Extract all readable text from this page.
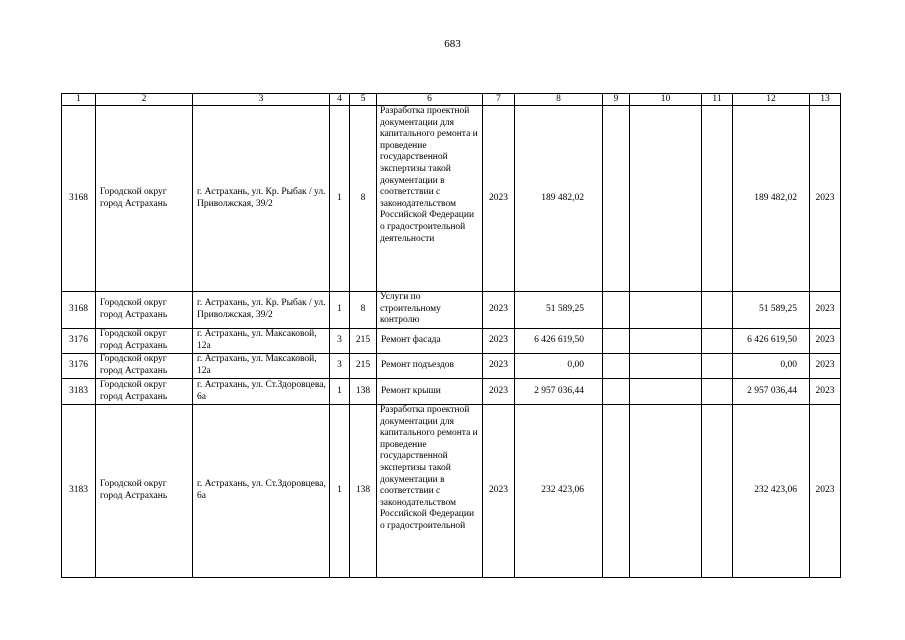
683
1	2	3	4	5	6	7	8	9	10	11	12	13
3168	Городской округ город Астрахань	г. Астрахань, ул. Кр. Рыбак / ул. Приволжская, 39/2	1	8	Разработка проектной документации для капитального ремонта и проведение государственной экспертизы такой документации в соответствии с законодательством Российской Федерации о градостроительной деятельности	2023	189 482,02				189 482,02	2023
3168	Городской округ город Астрахань	г. Астрахань, ул. Кр. Рыбак / ул. Приволжская, 39/2	1	8	Услуги по строительному контролю	2023	51 589,25				51 589,25	2023
3176	Городской округ город Астрахань	г. Астрахань, ул. Максаковой, 12а	3	215	Ремонт фасада	2023	6 426 619,50				6 426 619,50	2023
3176	Городской округ город Астрахань	г. Астрахань, ул. Максаковой, 12а	3	215	Ремонт подъездов	2023	0,00				0,00	2023
3183	Городской округ город Астрахань	г. Астрахань, ул. Ст.Здоровцева, 6а	1	138	Ремонт крыши	2023	2 957 036,44				2 957 036,44	2023
3183	Городской округ город Астрахань	г. Астрахань, ул. Ст.Здоровцева, 6а	1	138	Разработка проектной документации для капитального ремонта и проведение государственной экспертизы такой документации в соответствии с законодательством Российской Федерации о градостроительной	2023	232 423,06				232 423,06	2023
